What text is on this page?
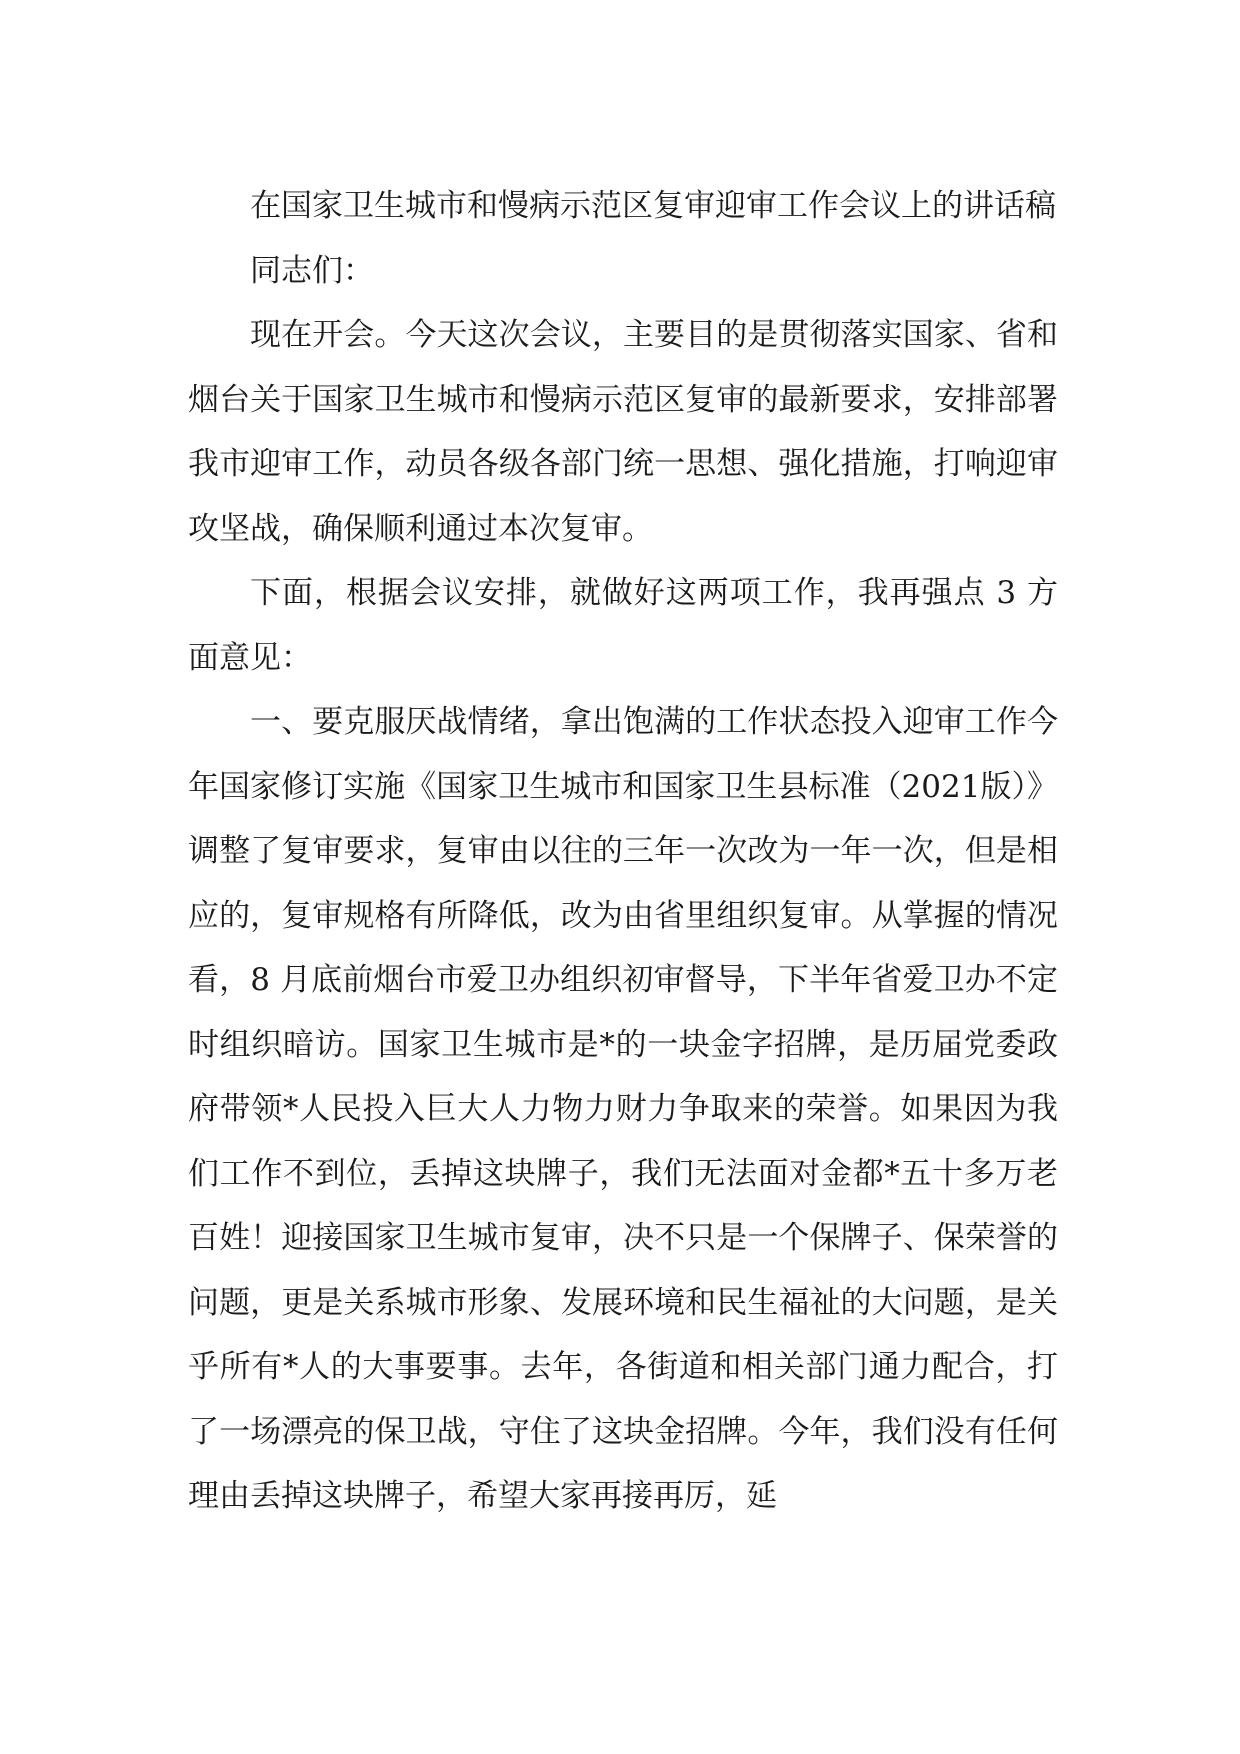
在国家卫生城市和慢病示范区复审迎审工作会议上的讲话稿

同志们：

现在开会。今天这次会议，主要目的是贯彻落实国家、省和烟台关于国家卫生城市和慢病示范区复审的最新要求，安排部署我市迎审工作，动员各级各部门统一思想、强化措施，打响迎审攻坚战，确保顺利通过本次复审。

下面，根据会议安排，就做好这两项工作，我再强点 3 方面意见：

一、要克服厌战情绪，拿出饱满的工作状态投入迎审工作今年国家修订实施《国家卫生城市和国家卫生县标准（2021版）》调整了复审要求，复审由以往的三年一次改为一年一次，但是相应的，复审规格有所降低，改为由省里组织复审。从掌握的情况看，8 月底前烟台市爱卫办组织初审督导，下半年省爱卫办不定时组织暗访。国家卫生城市是*的一块金字招牌，是历届党委政府带领*人民投入巨大人力物力财力争取来的荣誉。如果因为我们工作不到位，丢掉这块牌子，我们无法面对金都*五十多万老百姓！迎接国家卫生城市复审，决不只是一个保牌子、保荣誉的问题，更是关系城市形象、发展环境和民生福祉的大问题，是关乎所有*人的大事要事。去年，各街道和相关部门通力配合，打了一场漂亮的保卫战，守住了这块金招牌。今年，我们没有任何理由丢掉这块牌子，希望大家再接再厉，延
